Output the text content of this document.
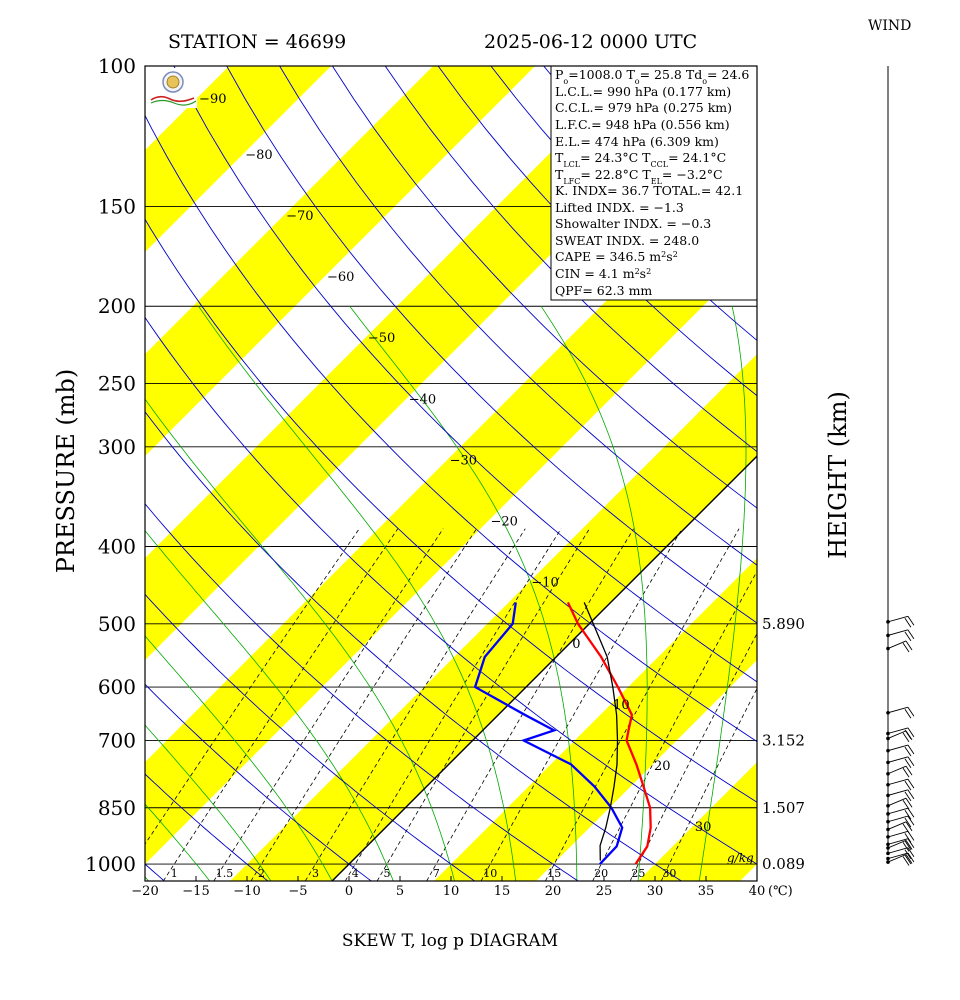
−90
−80
−70
−60
−50
−40
−30
−20
−10
0
10
20
30
$P_o=1008.0$ $T_o= 25.8$ $Td_o= 24.6$
L.C.L.= 990 hPa (0.177 km)
C.C.L.= 979 hPa (0.275 km)
L.F.C.= 948 hPa (0.556 km)
E.L.= 474 hPa (6.309 km)
$T_{LCL}= 24.3^\circ C$ $T_{CCL}= 24.1^\circ C$
$T_{LFC}= 22.8^\circ C$ $T_{EL}= -3.2^\circ C$
K. INDX= 36.7 TOTAL.= 42.1
Lifted INDX. = −1.3
Showalter INDX. = −0.3
SWEAT INDX. = 248.0
CAPE = 346.5 $m^2s^2$
CIN = 4.1 $m^2s^2$
QPF= 62.3 mm
STATION = 46699	2025-06-12 0000 UTC
WIND
SKEW T, log p DIAGRAM
PRESSURE (mb)	HEIGHT (km)
(℃)
g/kg
100
150
200
250
300
400
500
600
700
850
1000
−20 −15 −10 −5	0	5	10	15	20	25	30	35	40
5.890
3.152
1.507
0.089
1	1.5 2	3	4 5	7	10	15	20 25 30
